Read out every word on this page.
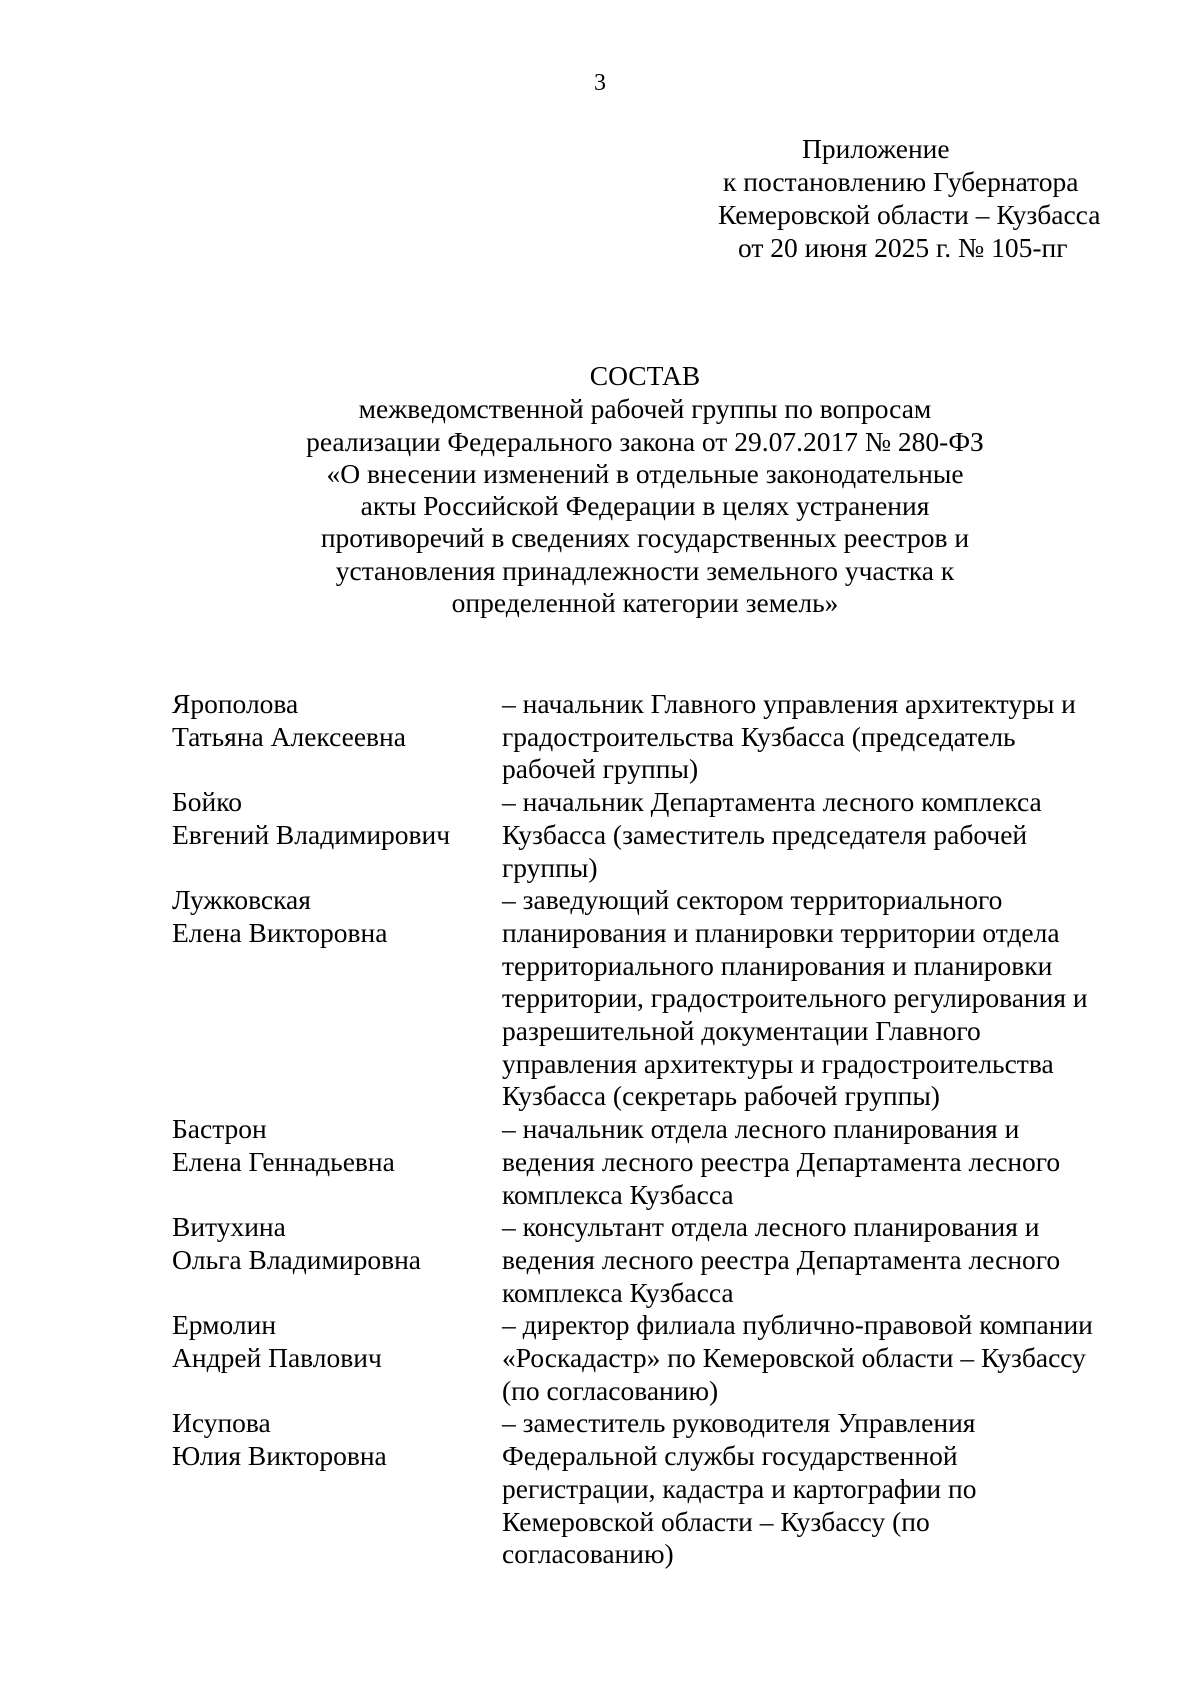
3
Приложение
к постановлению Губернатора
Кемеровской области – Кузбасса
от 20 июня 2025 г. № 105-пг
СОСТАВ
межведомственной рабочей группы по вопросам
реализации Федерального закона от 29.07.2017 № 280-ФЗ
«О внесении изменений в отдельные законодательные
акты Российской Федерации в целях устранения
противоречий в сведениях государственных реестров и
установления принадлежности земельного участка к
определенной категории земель»
Ярополова
Татьяна Алексеевна
– начальник Главного управления архитектуры и градостроительства Кузбасса (председатель рабочей группы)
Бойко
Евгений Владимирович
– начальник Департамента лесного комплекса Кузбасса (заместитель председателя рабочей группы)
Лужковская
Елена Викторовна
– заведующий сектором территориального планирования и планировки территории отдела территориального планирования и планировки территории, градостроительного регулирования и разрешительной документации Главного управления архитектуры и градостроительства Кузбасса (секретарь рабочей группы)
Бастрон
Елена Геннадьевна
– начальник отдела лесного планирования и ведения лесного реестра Департамента лесного комплекса Кузбасса
Витухина
Ольга Владимировна
– консультант отдела лесного планирования и ведения лесного реестра Департамента лесного комплекса Кузбасса
Ермолин
Андрей Павлович
– директор филиала публично-правовой компании «Роскадастр» по Кемеровской области – Кузбассу (по согласованию)
Исупова
Юлия Викторовна
– заместитель руководителя Управления Федеральной службы государственной регистрации, кадастра и картографии по Кемеровской области – Кузбассу (по согласованию)
